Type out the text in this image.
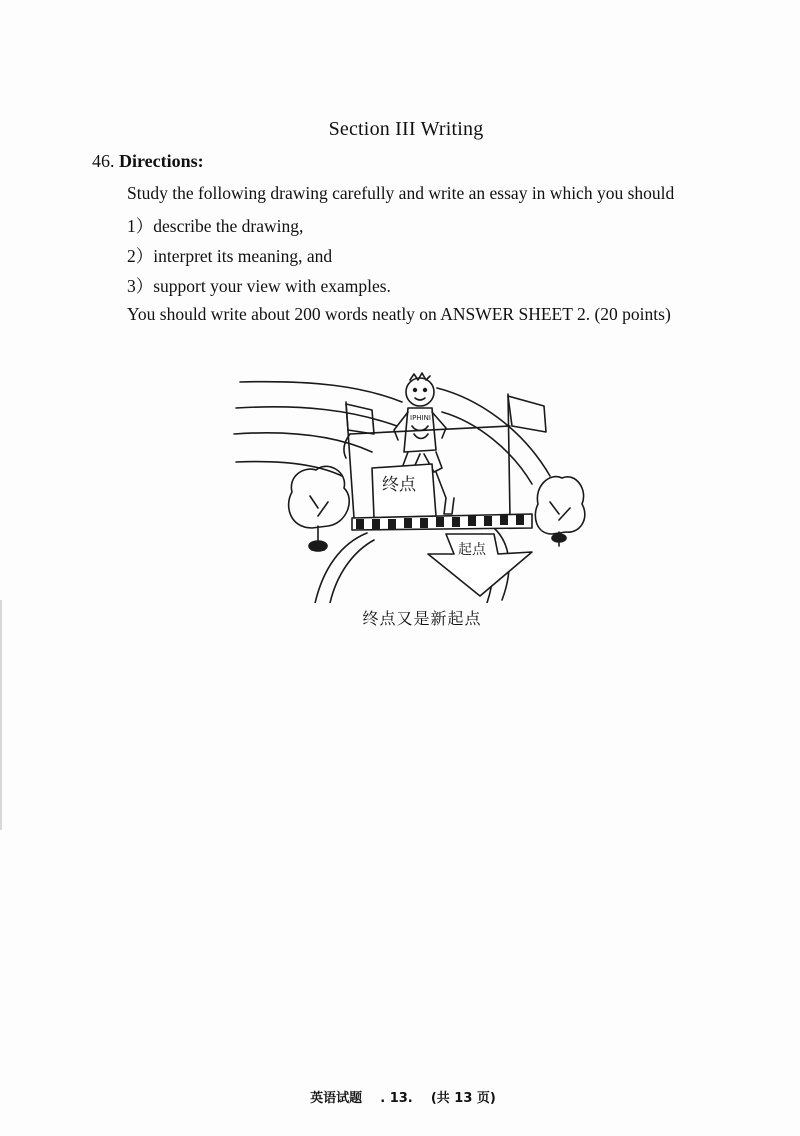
Section III Writing
46. Directions:
Study the following drawing carefully and write an essay in which you should
1）describe the drawing,
2）interpret its meaning, and
3）support your view with examples.
You should write about 200 words neatly on ANSWER SHEET 2. (20 points)
IPHINI
终点
起点
终点又是新起点
英语试题 . 13. (共 13 页)
